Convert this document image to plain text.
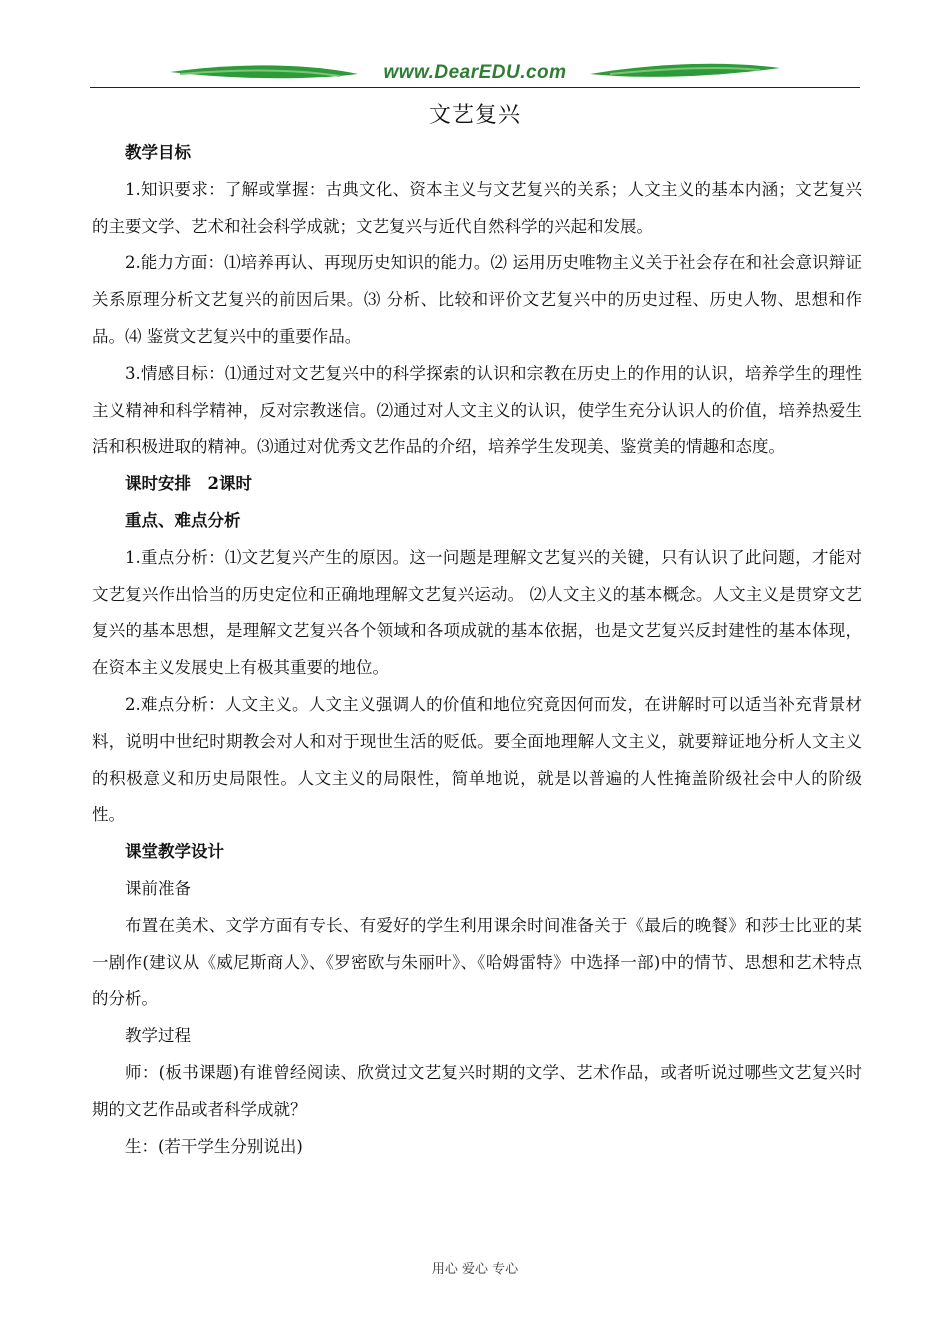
www.DearEDU.com
文艺复兴

教学目标

1.知识要求：了解或掌握：古典文化、资本主义与文艺复兴的关系；人文主义的基本内涵；文艺复兴的主要文学、艺术和社会科学成就；文艺复兴与近代自然科学的兴起和发展。

2.能力方面：⑴培养再认、再现历史知识的能力。⑵ 运用历史唯物主义关于社会存在和社会意识辩证关系原理分析文艺复兴的前因后果。⑶ 分析、比较和评价文艺复兴中的历史过程、历史人物、思想和作品。⑷ 鉴赏文艺复兴中的重要作品。

3.情感目标：⑴通过对文艺复兴中的科学探索的认识和宗教在历史上的作用的认识，培养学生的理性主义精神和科学精神，反对宗教迷信。⑵通过对人文主义的认识，使学生充分认识人的价值，培养热爱生活和积极进取的精神。⑶通过对优秀文艺作品的介绍，培养学生发现美、鉴赏美的情趣和态度。

课时安排　2课时

重点、难点分析

1.重点分析：⑴文艺复兴产生的原因。这一问题是理解文艺复兴的关键，只有认识了此问题，才能对文艺复兴作出恰当的历史定位和正确地理解文艺复兴运动。 ⑵人文主义的基本概念。人文主义是贯穿文艺复兴的基本思想，是理解文艺复兴各个领域和各项成就的基本依据，也是文艺复兴反封建性的基本体现，在资本主义发展史上有极其重要的地位。

2.难点分析：人文主义。人文主义强调人的价值和地位究竟因何而发，在讲解时可以适当补充背景材料，说明中世纪时期教会对人和对于现世生活的贬低。要全面地理解人文主义，就要辩证地分析人文主义的积极意义和历史局限性。人文主义的局限性，简单地说，就是以普遍的人性掩盖阶级社会中人的阶级性。

课堂教学设计

课前准备

布置在美术、文学方面有专长、有爱好的学生利用课余时间准备关于《最后的晚餐》和莎士比亚的某一剧作(建议从《威尼斯商人》、《罗密欧与朱丽叶》、《哈姆雷特》中选择一部)中的情节、思想和艺术特点的分析。

教学过程

师：(板书课题)有谁曾经阅读、欣赏过文艺复兴时期的文学、艺术作品，或者听说过哪些文艺复兴时期的文艺作品或者科学成就？

生：(若干学生分别说出)

用心 爱心 专心
